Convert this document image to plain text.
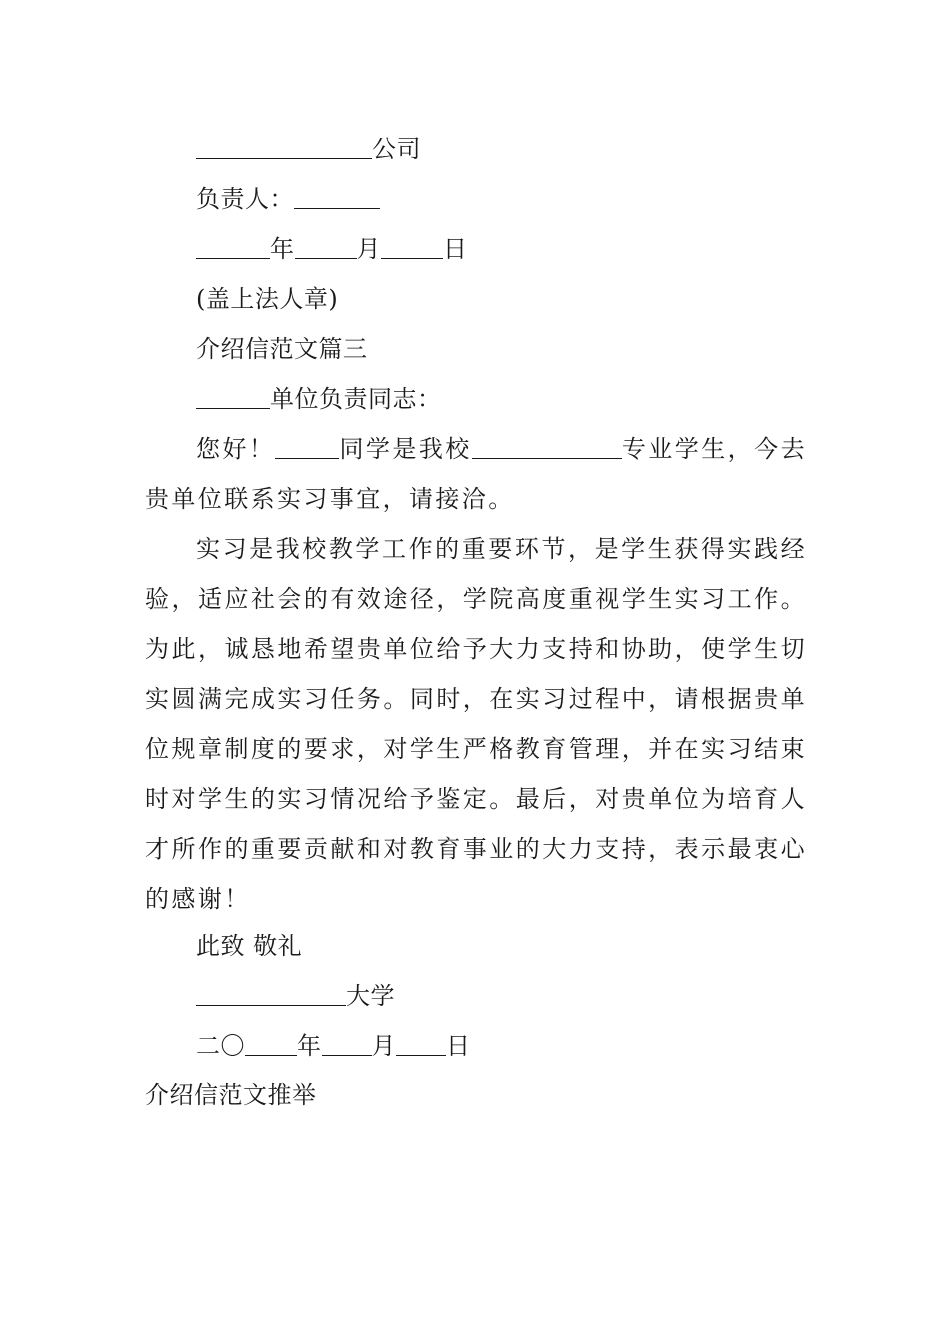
公司
负责人：
年	月	日
(盖上法人章)
介绍信范文篇三
单位负责同志：
您好！	同学是我校	专业学生，今去贵单位联系实习事宜，请接洽。
实习是我校教学工作的重要环节，是学生获得实践经验，适应社会的有效途径，学院高度重视学生实习工作。为此，诚恳地希望贵单位给予大力支持和协助，使学生切实圆满完成实习任务。同时，在实习过程中，请根据贵单位规章制度的要求，对学生严格教育管理，并在实习结束时对学生的实习情况给予鉴定。最后，对贵单位为培育人才所作的重要贡献和对教育事业的大力支持，表示最衷心的感谢！
此致 敬礼
大学
二〇 年 月 日
介绍信范文推举
